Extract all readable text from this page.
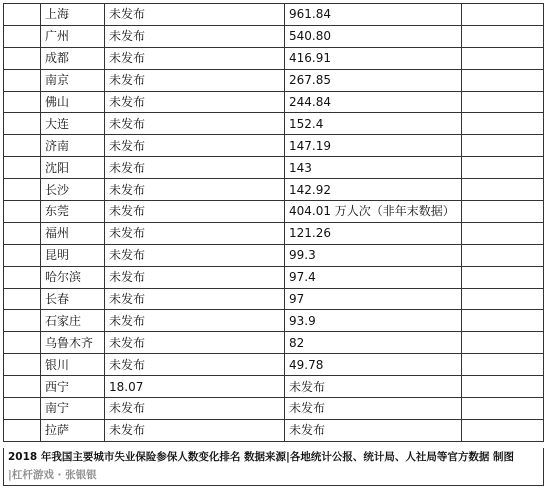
	上海	未发布	961.84	
	广州	未发布	540.80	
	成都	未发布	416.91	
	南京	未发布	267.85	
	佛山	未发布	244.84	
	大连	未发布	152.4	
	济南	未发布	147.19	
	沈阳	未发布	143	
	长沙	未发布	142.92	
	东莞	未发布	404.01 万人次（非年末数据）	
	福州	未发布	121.26	
	昆明	未发布	99.3	
	哈尔滨	未发布	97.4	
	长春	未发布	97	
	石家庄	未发布	93.9	
	乌鲁木齐	未发布	82	
	银川	未发布	49.78	
	西宁	18.07	未发布	
	南宁	未发布	未发布	
	拉萨	未发布	未发布	
2018 年我国主要城市失业保险参保人数变化排名 数据来源|各地统计公报、统计局、人社局等官方数据 制图
|杠杆游戏 · 张银银
